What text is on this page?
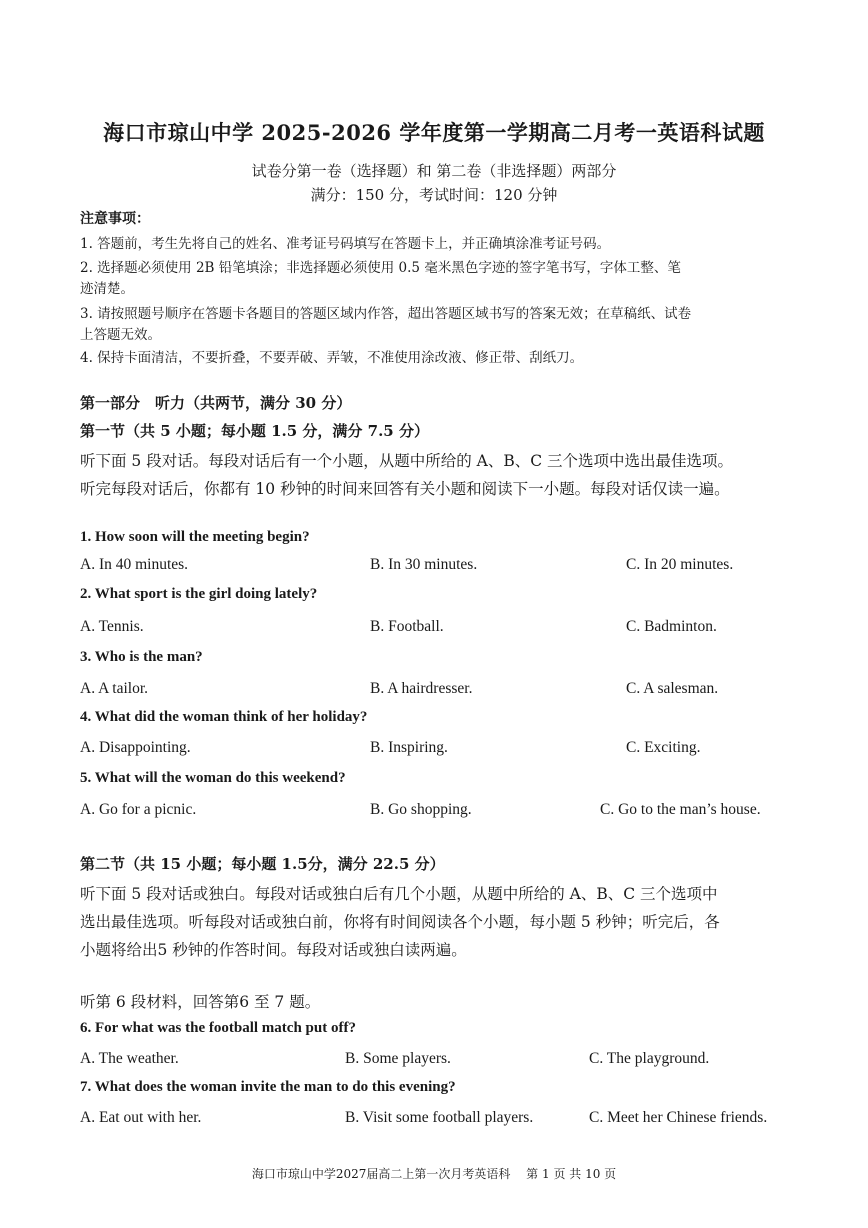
海口市琼山中学 2025-2026 学年度第一学期高二月考一英语科试题
试卷分第一卷（选择题）和 第二卷（非选择题）两部分
满分：150 分，考试时间：120 分钟
注意事项：
1. 答题前，考生先将自己的姓名、准考证号码填写在答题卡上，并正确填涂准考证号码。
2. 选择题必须使用 2B 铅笔填涂；非选择题必须使用 0.5 毫米黑色字迹的签字笔书写，字体工整、笔
迹清楚。
3. 请按照题号顺序在答题卡各题目的答题区域内作答，超出答题区域书写的答案无效；在草稿纸、试卷
上答题无效。
4. 保持卡面清洁，不要折叠，不要弄破、弄皱，不准使用涂改液、修正带、刮纸刀。
第一部分　听力（共两节，满分 30 分）
第一节（共 5 小题；每小题 1.5 分，满分 7.5 分）
听下面 5 段对话。每段对话后有一个小题，从题中所给的 A、B、C 三个选项中选出最佳选项。
听完每段对话后，你都有 10 秒钟的时间来回答有关小题和阅读下一小题。每段对话仅读一遍。
1. How soon will the meeting begin?
A. In 40 minutes.	B. In 30 minutes.	C. In 20 minutes.
2. What sport is the girl doing lately?
A. Tennis.	B. Football.	C. Badminton.
3. Who is the man?
A. A tailor.	B. A hairdresser.	C. A salesman.
4. What did the woman think of her holiday?
A. Disappointing.	B. Inspiring.	C. Exciting.
5. What will the woman do this weekend?
A. Go for a picnic.	B. Go shopping.	C. Go to the man’s house.
第二节（共 15 小题；每小题 1.5分，满分 22.5 分）
听下面 5 段对话或独白。每段对话或独白后有几个小题，从题中所给的 A、B、C 三个选项中
选出最佳选项。听每段对话或独白前，你将有时间阅读各个小题，每小题 5 秒钟；听完后，各
小题将给出5 秒钟的作答时间。每段对话或独白读两遍。
听第 6 段材料，回答第6 至 7 题。
6. For what was the football match put off?
A. The weather.	B. Some players.	C. The playground.
7. What does the woman invite the man to do this evening?
A. Eat out with her.	B. Visit some football players.	C. Meet her Chinese friends.
海口市琼山中学2027届高二上第一次月考英语科　 第 1 页 共 10 页
